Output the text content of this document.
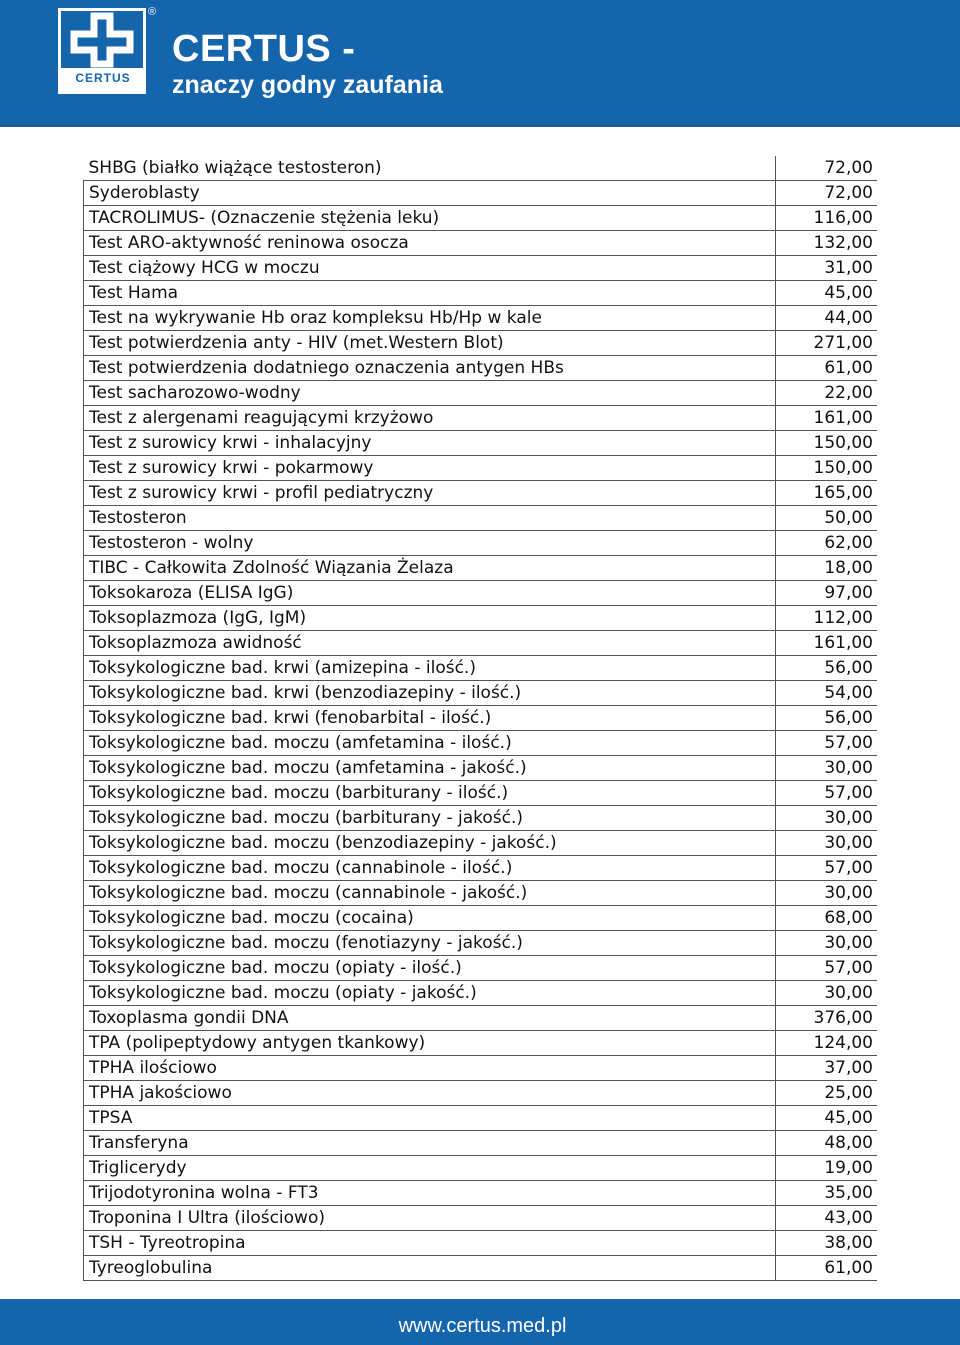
CERTUS
®
CERTUS -
znaczy godny zaufania
SHBG (białko wiążące testosteron)	72,00
Syderoblasty	72,00
TACROLIMUS- (Oznaczenie stężenia leku)	116,00
Test ARO-aktywność reninowa osocza	132,00
Test ciążowy HCG w moczu	31,00
Test Hama	45,00
Test na wykrywanie Hb oraz kompleksu Hb/Hp w kale	44,00
Test potwierdzenia anty - HIV (met.Western Blot)	271,00
Test potwierdzenia dodatniego oznaczenia antygen HBs	61,00
Test sacharozowo-wodny	22,00
Test z alergenami reagującymi krzyżowo	161,00
Test z surowicy krwi - inhalacyjny	150,00
Test z surowicy krwi - pokarmowy	150,00
Test z surowicy krwi - profil pediatryczny	165,00
Testosteron	50,00
Testosteron - wolny	62,00
TIBC - Całkowita Zdolność Wiązania Żelaza	18,00
Toksokaroza (ELISA IgG)	97,00
Toksoplazmoza (IgG, IgM)	112,00
Toksoplazmoza awidność	161,00
Toksykologiczne bad. krwi (amizepina - ilość.)	56,00
Toksykologiczne bad. krwi (benzodiazepiny - ilość.)	54,00
Toksykologiczne bad. krwi (fenobarbital - ilość.)	56,00
Toksykologiczne bad. moczu (amfetamina - ilość.)	57,00
Toksykologiczne bad. moczu (amfetamina - jakość.)	30,00
Toksykologiczne bad. moczu (barbiturany - ilość.)	57,00
Toksykologiczne bad. moczu (barbiturany - jakość.)	30,00
Toksykologiczne bad. moczu (benzodiazepiny - jakość.)	30,00
Toksykologiczne bad. moczu (cannabinole - ilość.)	57,00
Toksykologiczne bad. moczu (cannabinole - jakość.)	30,00
Toksykologiczne bad. moczu (cocaina)	68,00
Toksykologiczne bad. moczu (fenotiazyny - jakość.)	30,00
Toksykologiczne bad. moczu (opiaty - ilość.)	57,00
Toksykologiczne bad. moczu (opiaty - jakość.)	30,00
Toxoplasma gondii DNA	376,00
TPA (polipeptydowy antygen tkankowy)	124,00
TPHA ilościowo	37,00
TPHA jakościowo	25,00
TPSA	45,00
Transferyna	48,00
Triglicerydy	19,00
Trijodotyronina wolna - FT3	35,00
Troponina I Ultra (ilościowo)	43,00
TSH - Tyreotropina	38,00
Tyreoglobulina	61,00
www.certus.med.pl
